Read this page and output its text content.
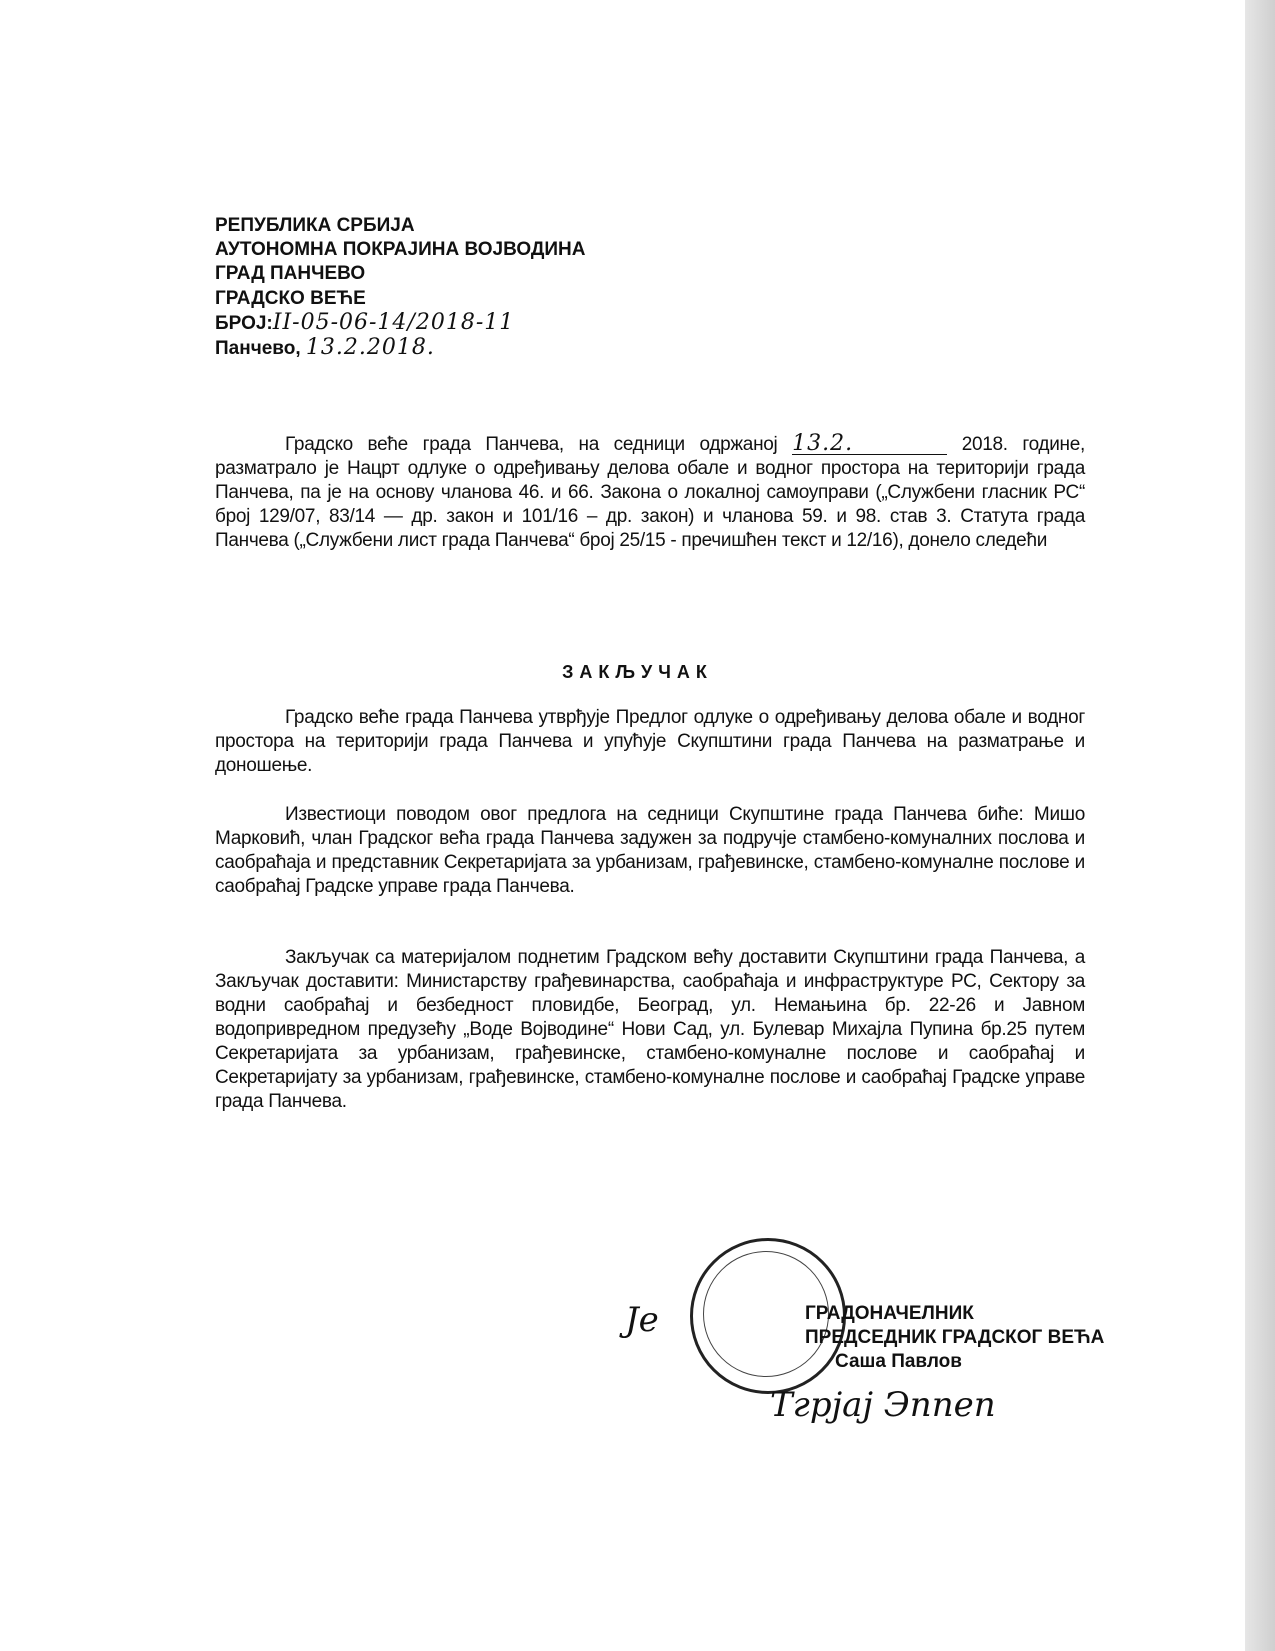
РЕПУБЛИКА СРБИЈА
АУТОНОМНА ПОКРАЈИНА ВОЈВОДИНА
ГРАД ПАНЧЕВО
ГРАДСКО ВЕЋЕ
БРОЈ:II-05-06-14/2018-11
Панчево, 13.2.2018.

Градско веће града Панчева, на седници одржаној 13.2.	2018. године, разматрало је Нацрт одлуке о одређивању делова обале и водног простора на територији града Панчева, па је на основу чланова 46. и 66. Закона о локалној самоуправи („Службени гласник РС“ број 129/07, 83/14 — др. закон и 101/16 – др. закон) и чланова 59. и 98. став 3. Статута града Панчева („Службени лист града Панчева“ број 25/15 - пречишћен текст и 12/16), донело следећи

ЗАКЉУЧАК

Градско веће града Панчева утврђује Предлог одлуке о одређивању делова обале и водног простора на територији града Панчева и упућује Скупштини града Панчева на разматрање и доношење.

Известиоци поводом овог предлога на седници Скупштине града Панчева биће: Мишо Марковић, члан Градског већа града Панчева задужен за подручје стамбено-комуналних послова и саобраћаја и представник Секретаријата за урбанизам, грађевинске, стамбено-комуналне послове и саобраћај Градске управе града Панчева.

Закључак са материјалом поднетим Градском већу доставити Скупштини града Панчева, а Закључак доставити: Министарству грађевинарства, саобраћаја и инфраструктуре РС, Сектору за водни саобраћај и безбедност пловидбе, Београд, ул. Немањина бр. 22-26 и Јавном водопривредном предузећу „Воде Војводине“ Нови Сад, ул. Булевар Михајла Пупина бр.25 путем Секретаријата за урбанизам, грађевинске, стамбено-комуналне послове и саобраћај и Секретаријату за урбанизам, грађевинске, стамбено-комуналне послове и саобраћај Градске управе града Панчева.

Je
Тгрјај Эnnen
ГРАДОНАЧЕЛНИК
ПРЕДСЕДНИК ГРАДСКОГ ВЕЋА
Саша Павлов
